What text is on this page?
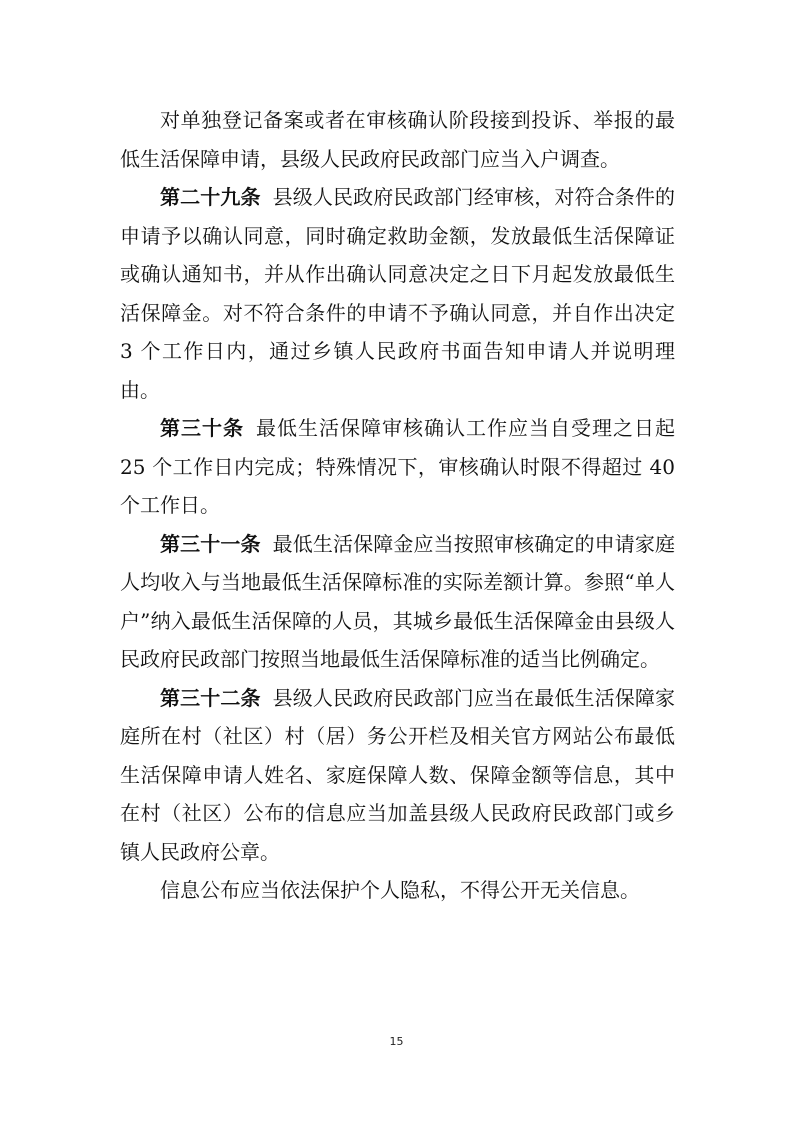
对单独登记备案或者在审核确认阶段接到投诉、举报的最低生活保障申请，县级人民政府民政部门应当入户调查。

第二十九条 县级人民政府民政部门经审核，对符合条件的申请予以确认同意，同时确定救助金额，发放最低生活保障证或确认通知书，并从作出确认同意决定之日下月起发放最低生活保障金。对不符合条件的申请不予确认同意，并自作出决定 3 个工作日内，通过乡镇人民政府书面告知申请人并说明理由。

第三十条 最低生活保障审核确认工作应当自受理之日起 25 个工作日内完成；特殊情况下，审核确认时限不得超过 40 个工作日。

第三十一条 最低生活保障金应当按照审核确定的申请家庭人均收入与当地最低生活保障标准的实际差额计算。参照“单人户”纳入最低生活保障的人员，其城乡最低生活保障金由县级人民政府民政部门按照当地最低生活保障标准的适当比例确定。

第三十二条 县级人民政府民政部门应当在最低生活保障家庭所在村（社区）村（居）务公开栏及相关官方网站公布最低生活保障申请人姓名、家庭保障人数、保障金额等信息，其中在村（社区）公布的信息应当加盖县级人民政府民政部门或乡镇人民政府公章。

信息公布应当依法保护个人隐私，不得公开无关信息。

15
